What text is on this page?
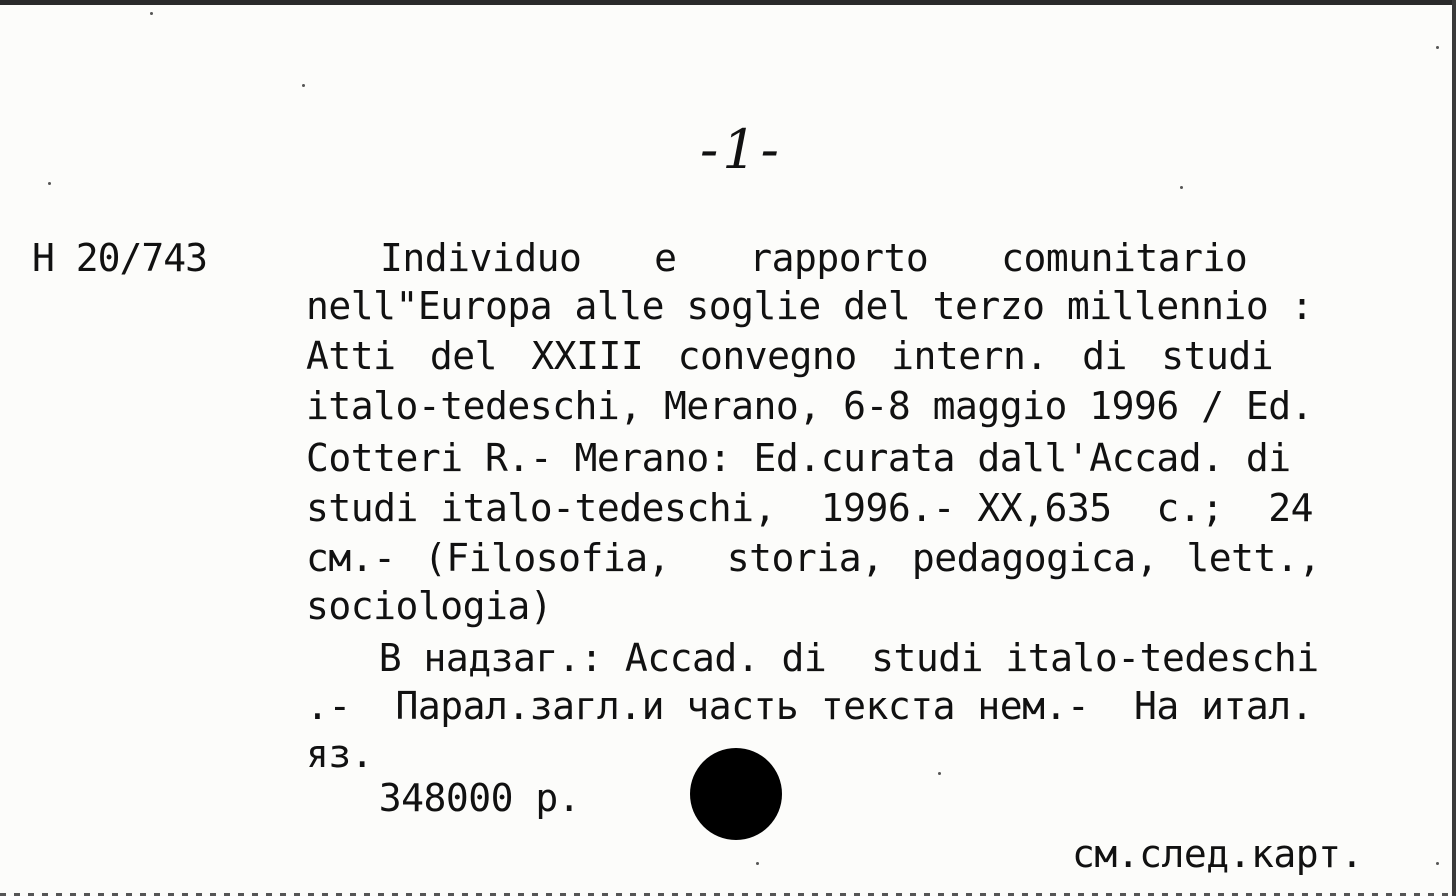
-1-
H 20/743	Individuo  e  rapporto  comunitario
nell"Europa alle soglie del terzo millennio :
Atti del XXIII convegno intern. di studi
italo-tedeschi, Merano, 6-8 maggio 1996 / Ed.
Cotteri R.- Merano: Ed.curata dall'Accad. di
studi italo-tedeschi,  1996.- XX,635  c.;  24
см.- (Filosofia,  storia, pedagogica, lett.,
sociologia)
В надзаг.: Accad. di  studi italo-tedeschi
.-  Парал.загл.и часть текста нем.-  На итал.
яз.
348000 р.
см.след.карт.
